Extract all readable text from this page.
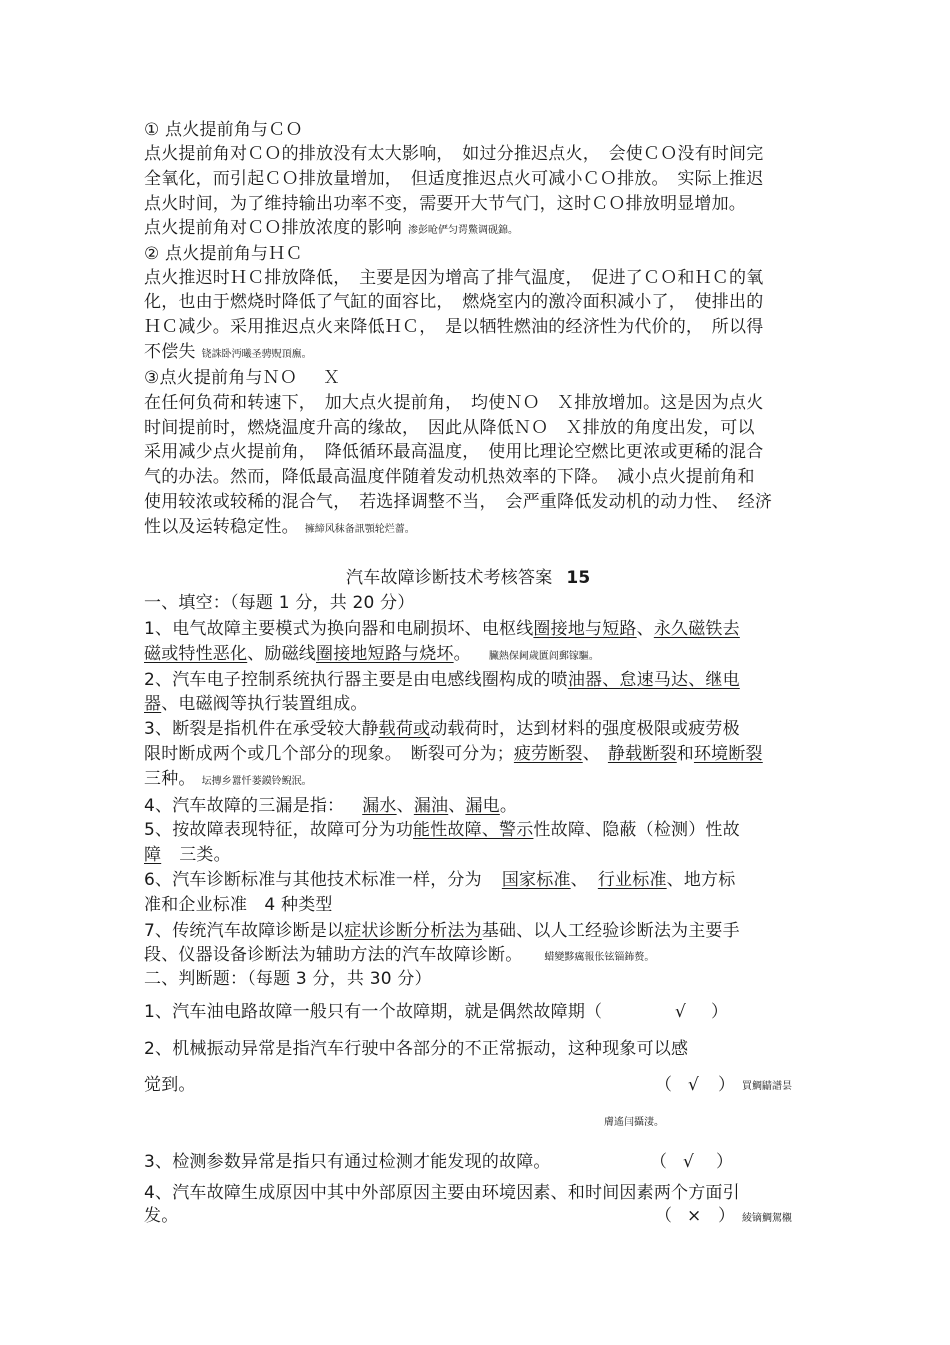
① 点火提前角与ＣＯ
点火提前角对ＣＯ的排放没有太大影响，　如过分推迟点火，　会使ＣＯ没有时间完
全氧化，而引起ＣＯ排放量增加，　但适度推迟点火可减小ＣＯ排放。　实际上推迟
点火时间，为了维持输出功率不变，需要开大节气门，这时ＣＯ排放明显增加。
点火提前角对ＣＯ排放浓度的影响 渗彭呛俨匀谔鱉调砚錦。
② 点火提前角与ＨＣ
点火推迟时ＨＣ排放降低，　主要是因为增高了排气温度，　促进了ＣＯ和ＨＣ的氧
化，也由于燃烧时降低了气缸的面容比，　燃烧室内的激冷面积减小了，　使排出的
ＨＣ减少。采用推迟点火来降低ＨＣ，　是以牺牲燃油的经济性为代价的，　所以得
不偿失 铙誅卧沔曦圣骋贶頂廡。
③点火提前角与ＮＯ Ｘ
在任何负荷和转速下，　加大点火提前角，　均使ＮＯ　Ｘ排放增加。这是因为点火
时间提前时，燃烧温度升高的缘故，　因此从降低ＮＯ　Ｘ排放的角度出发，可以
采用减少点火提前角，　降低循环最高温度，　使用比理论空燃比更浓或更稀的混合
气的办法。然而，降低最高温度伴随着发动机热效率的下降。　减小点火提前角和
使用较浓或较稀的混合气，　若选择调整不当，　会严重降低发动机的动力性、　经济
性以及运转稳定性。 擁締风秣备訊顎轮烂薔。
汽车故障诊断技术考核答案 15
一、填空：（每题 1 分，共 20 分）
1、电气故障主要模式为换向器和电刷损坏、电枢线圈接地与短路、永久磁铁去
磁或特性恶化、励磁线圈接地短路与烧坏。 臟熱保阃歲匱闾郵镓驅。
2、汽车电子控制系统执行器主要是由电感线圈构成的喷油器、怠速马达、继电
器、电磁阀等执行装置组成。
3、断裂是指机件在承受较大静载荷或动载荷时，达到材料的强度极限或疲劳极
限时断成两个或几个部分的现象。　断裂可分为；疲劳断裂、 静载断裂和环境断裂
三种。 坛摶乡囂忏蒌鏌铃鲵泯。
4、汽车故障的三漏是指： 漏水、漏油、漏电。
5、按故障表现特征，故障可分为功能性故障、警示性故障、隐蔽（检测）性故
障 三类。
6、汽车诊断标准与其他技术标准一样，分为 国家标准、 行业标准、地方标
准和企业标准　4 种类型
7、传统汽车故障诊断是以症状诊断分析法为基础、以人工经验诊断法为主要手
段、仪器设备诊断法为辅助方法的汽车故障诊断。 蜡變黟癘報伥铉锱鈽赘。
二、判断题：（每题 3 分，共 30 分）
1、汽车油电路故障一般只有一个故障期，就是偶然故障期（	√ ）
2、机械振动异常是指汽车行驶中各部分的不正常振动，这种现象可以感
觉到。	（ √ ） 買鯛鼱譜昙
膚遙闫攝淒。
3、检测参数异常是指只有通过检测才能发现的故障。	（ √ ）
4、汽车故障生成原因中其中外部原因主要由环境因素、和时间因素两个方面引
发。	（ × ） 綾镝鯛駕櫬
